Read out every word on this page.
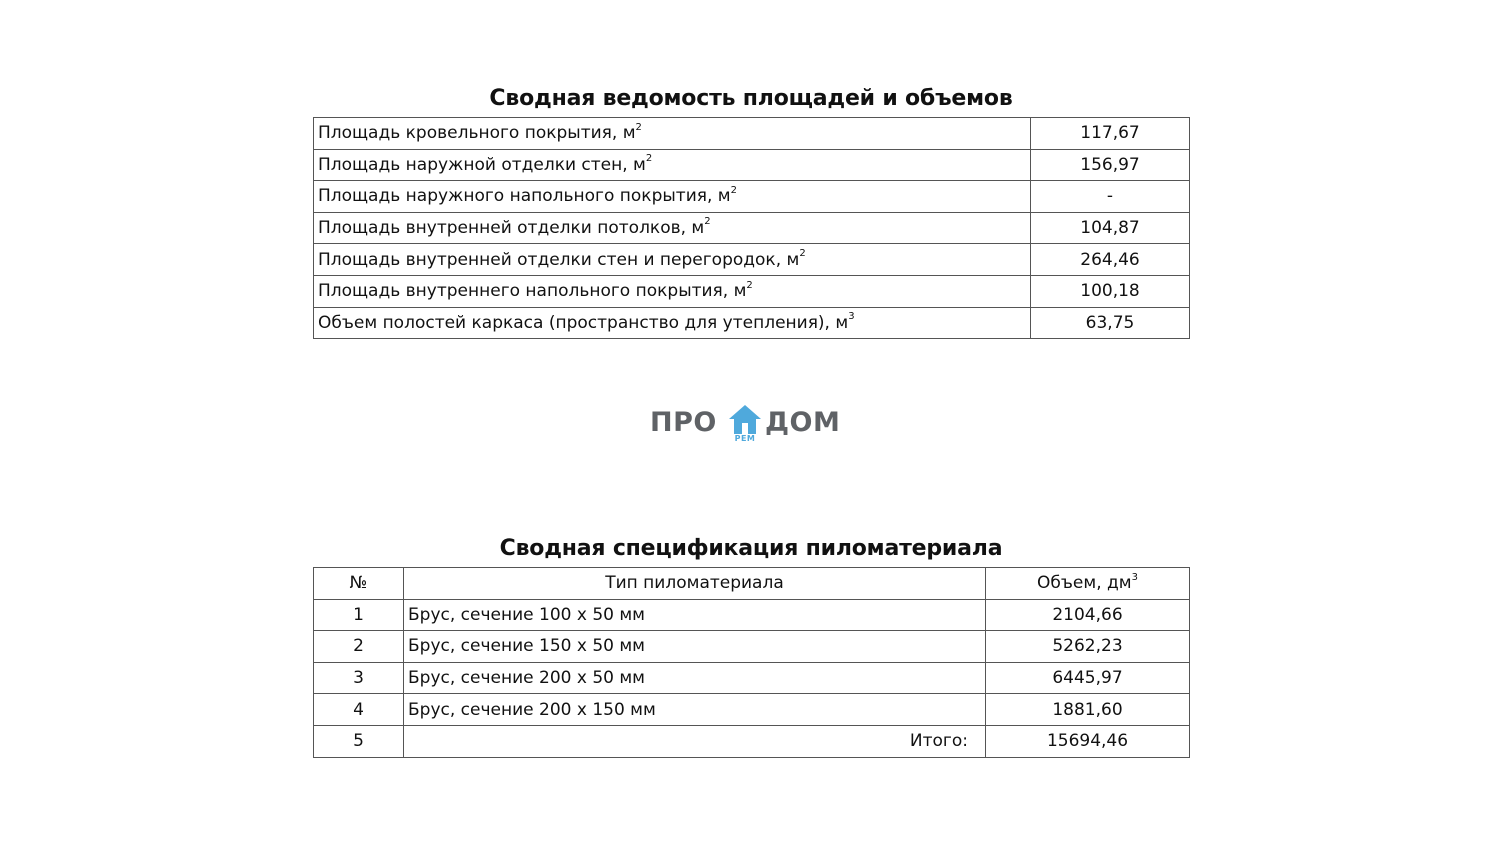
Сводная ведомость площадей и объемов
Площадь кровельного покрытия, $м^2$	117,67
Площадь наружной отделки стен, $м^2$	156,97
Площадь наружного напольного покрытия, $м^2$	-
Площадь внутренней отделки потолков, $м^2$	104,87
Площадь внутренней отделки стен и перегородок, $м^2$	264,46
Площадь внутреннего напольного покрытия, $м^2$	100,18
Объем полостей каркаса (пространство для утепления), $м^3$	63,75
ПРО
РЕМ
ДОМ
Сводная спецификация пиломатериала
№	Тип пиломатериала	Объем, $дм^3$
1	Брус, сечение 100 х 50 мм	2104,66
2	Брус, сечение 150 х 50 мм	5262,23
3	Брус, сечение 200 х 50 мм	6445,97
4	Брус, сечение 200 х 150 мм	1881,60
5	Итого:	15694,46
